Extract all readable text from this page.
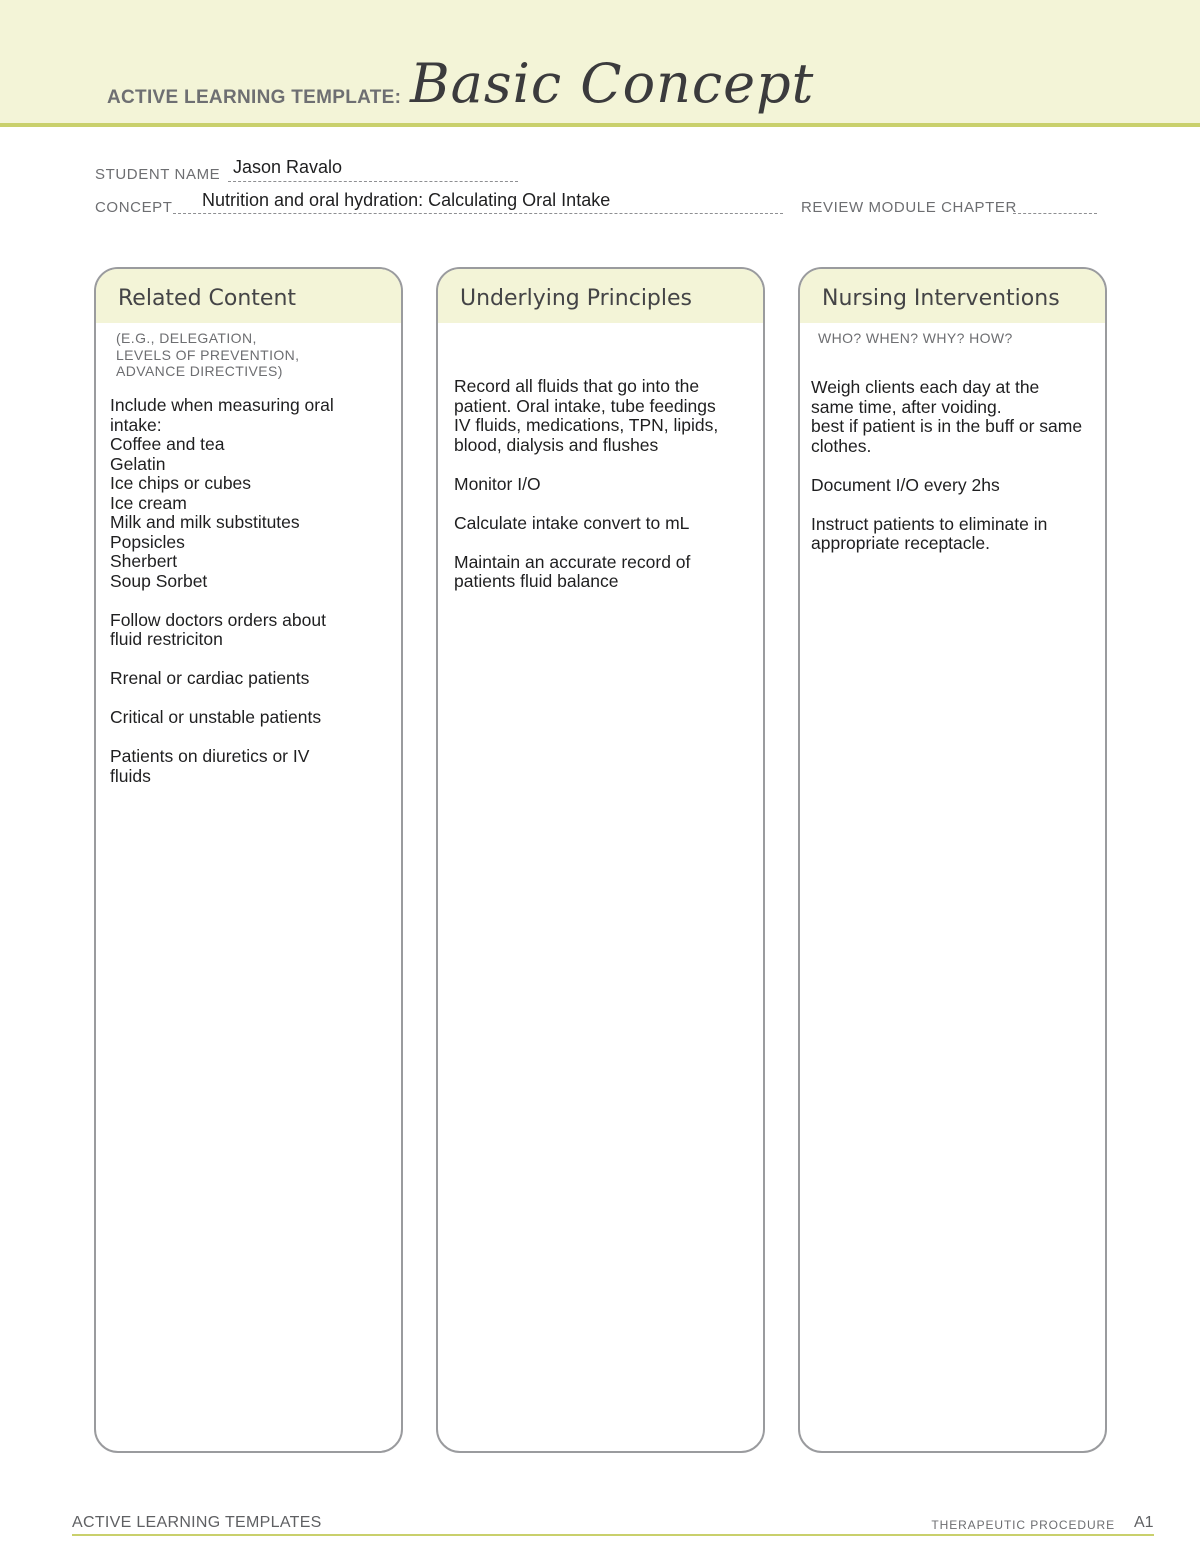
ACTIVE LEARNING TEMPLATE: Basic Concept
STUDENT NAME Jason Ravalo
CONCEPT Nutrition and oral hydration: Calculating Oral Intake	REVIEW MODULE CHAPTER
Related Content
(E.G., DELEGATION,
LEVELS OF PREVENTION,
ADVANCE DIRECTIVES)

Include when measuring oral
intake:
Coffee and tea
Gelatin
Ice chips or cubes
Ice cream
Milk and milk substitutes
Popsicles
Sherbert
Soup Sorbet

Follow doctors orders about
fluid restriciton

Rrenal or cardiac patients

Critical or unstable patients

Patients on diuretics or IV
fluids

Underlying Principles

Record all fluids that go into the
patient. Oral intake, tube feedings
IV fluids, medications, TPN, lipids,
blood, dialysis and flushes

Monitor I/O

Calculate intake convert to mL

Maintain an accurate record of
patients fluid balance

Nursing Interventions
WHO? WHEN? WHY? HOW?

Weigh clients each day at the
same time, after voiding.
best if patient is in the buff or same
clothes.

Document I/O every 2hs

Instruct patients to eliminate in
appropriate receptacle.

ACTIVE LEARNING TEMPLATES	THERAPEUTIC PROCEDURE A1
